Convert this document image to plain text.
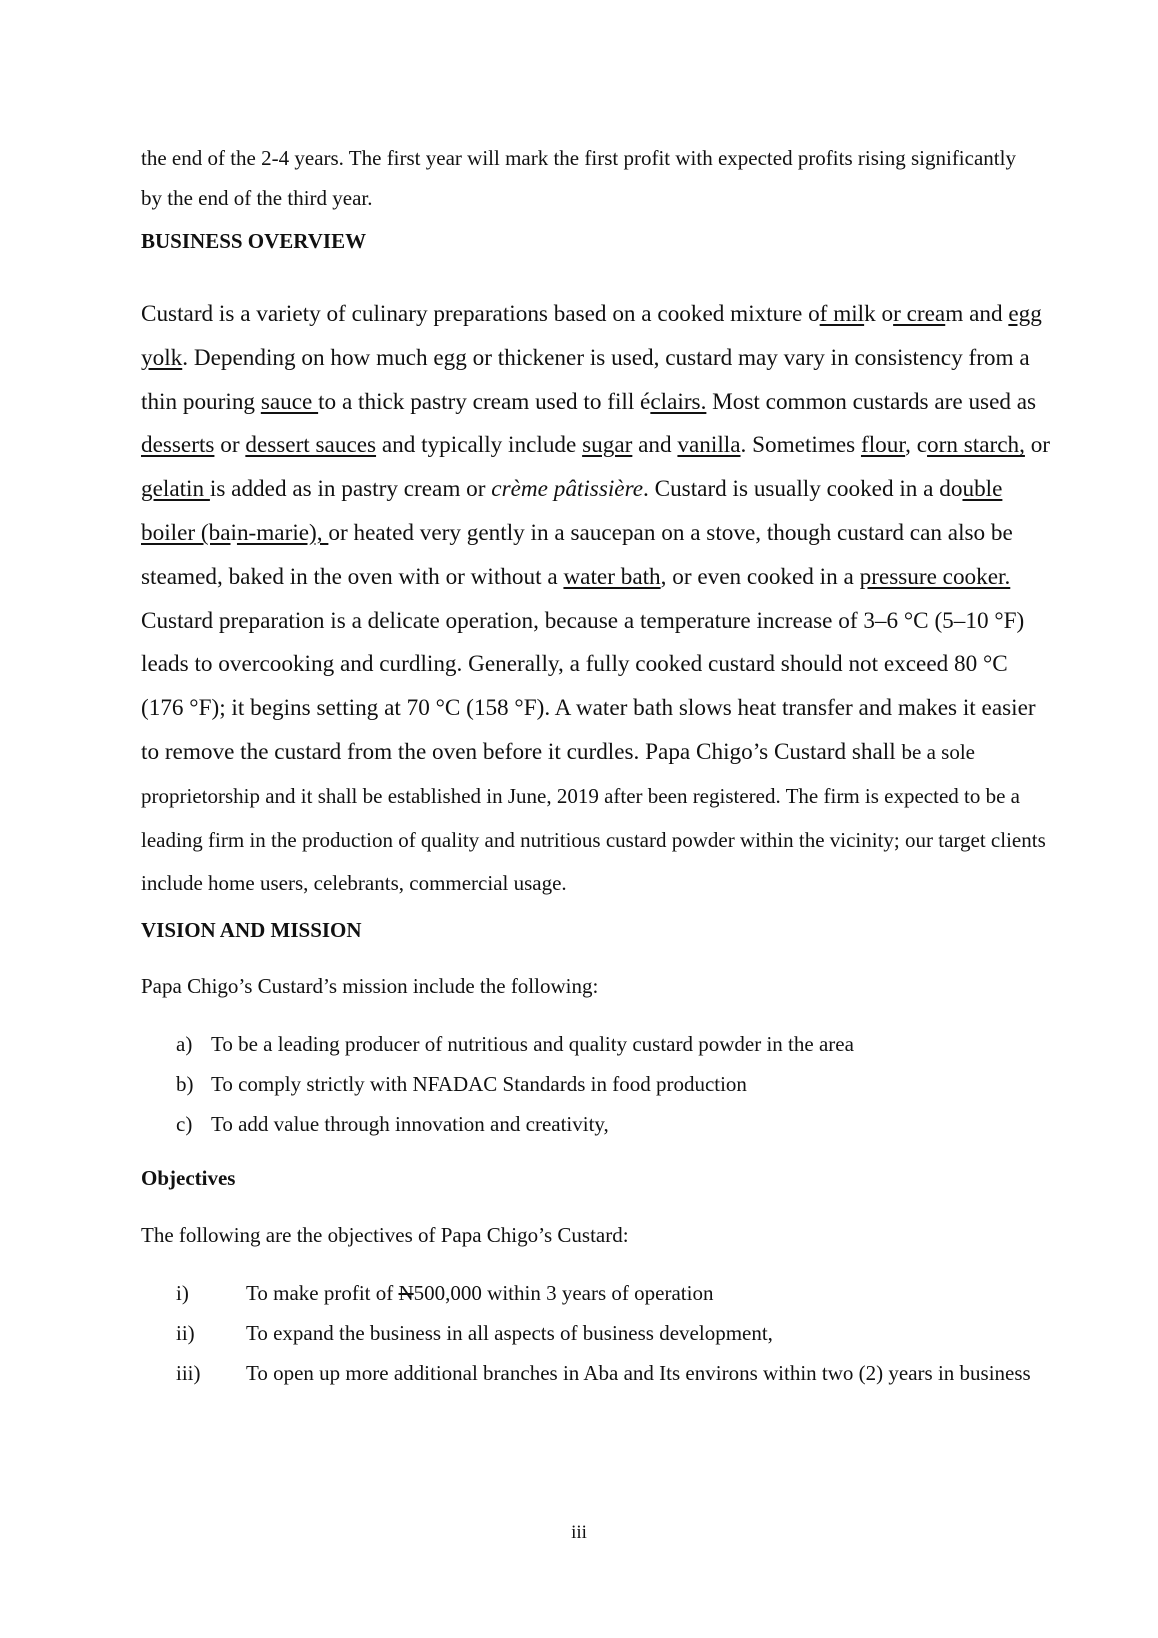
the end of the 2-4 years. The first year will mark the first profit with expected profits rising significantly by the end of the third year.

BUSINESS OVERVIEW

Custard is a variety of culinary preparations based on a cooked mixture of milk or cream and egg yolk. Depending on how much egg or thickener is used, custard may vary in consistency from a thin pouring sauce to a thick pastry cream used to fill éclairs. Most common custards are used as desserts or dessert sauces and typically include sugar and vanilla. Sometimes flour, corn starch, or gelatin is added as in pastry cream or crème pâtissière. Custard is usually cooked in a double boiler (bain-marie), or heated very gently in a saucepan on a stove, though custard can also be steamed, baked in the oven with or without a water bath, or even cooked in a pressure cooker. Custard preparation is a delicate operation, because a temperature increase of 3–6 °C (5–10 °F) leads to overcooking and curdling. Generally, a fully cooked custard should not exceed 80 °C (176 °F); it begins setting at 70 °C (158 °F). A water bath slows heat transfer and makes it easier to remove the custard from the oven before it curdles. Papa Chigo’s Custard shall be a sole proprietorship and it shall be established in June, 2019 after been registered. The firm is expected to be a leading firm in the production of quality and nutritious custard powder within the vicinity; our target clients include home users, celebrants, commercial usage.

VISION AND MISSION

Papa Chigo’s Custard’s mission include the following:

a) To be a leading producer of nutritious and quality custard powder in the area
b) To comply strictly with NFADAC Standards in food production
c) To add value through innovation and creativity,
Objectives

The following are the objectives of Papa Chigo’s Custard:

i)	To make profit of N500,000 within 3 years of operation
ii)	To expand the business in all aspects of business development,
iii)	To open up more additional branches in Aba and Its environs within two (2) years in business
iii
